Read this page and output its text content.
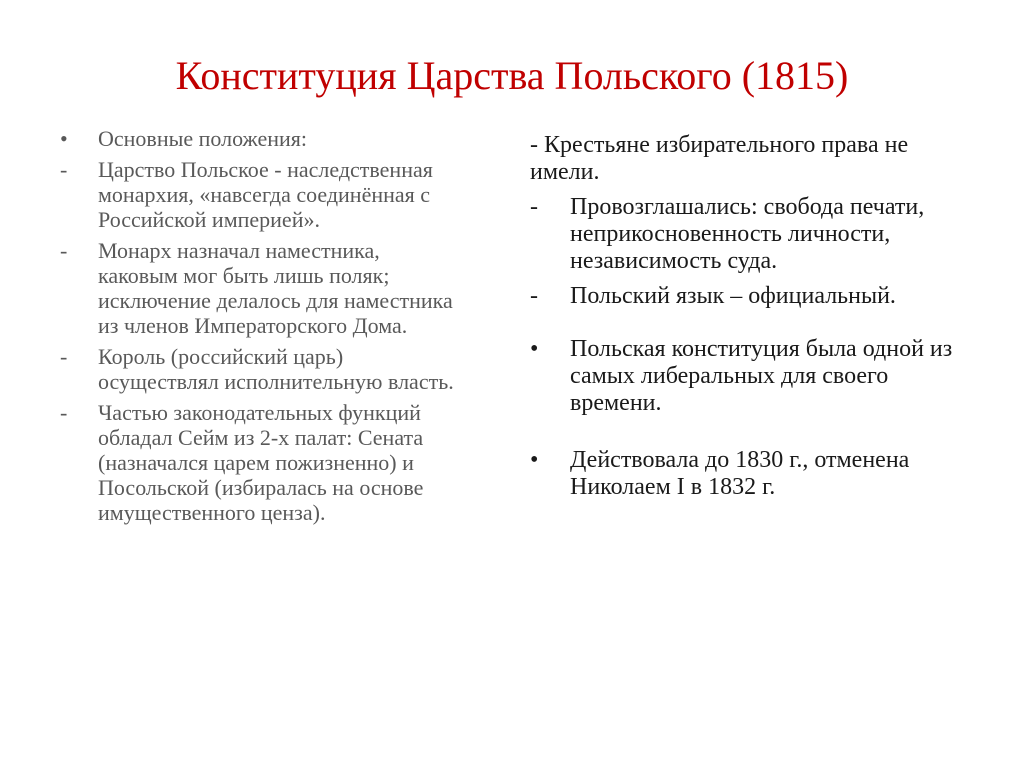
Конституция Царства Польского (1815)
•	Основные положения:
-	Царство Польское - наследственная монархия, «навсегда соединённая с Российской империей».
-	Монарх назначал наместника, каковым мог быть лишь поляк; исключение делалось для наместника из членов Императорского Дома.
-	Король (российский царь) осуществлял исполнительную власть.
-	Частью законодательных функций обладал Сейм из 2-х палат: Сената (назначался царем пожизненно) и Посольской (избиралась на основе имущественного ценза).
- Крестьяне избирательного права не имели.
-	Провозглашались: свобода печати, неприкосновенность личности, независимость суда.
-	Польский язык – официальный.
•	Польская конституция была одной из самых либеральных для своего времени.
•	Действовала до 1830 г., отменена Николаем I в 1832 г.
